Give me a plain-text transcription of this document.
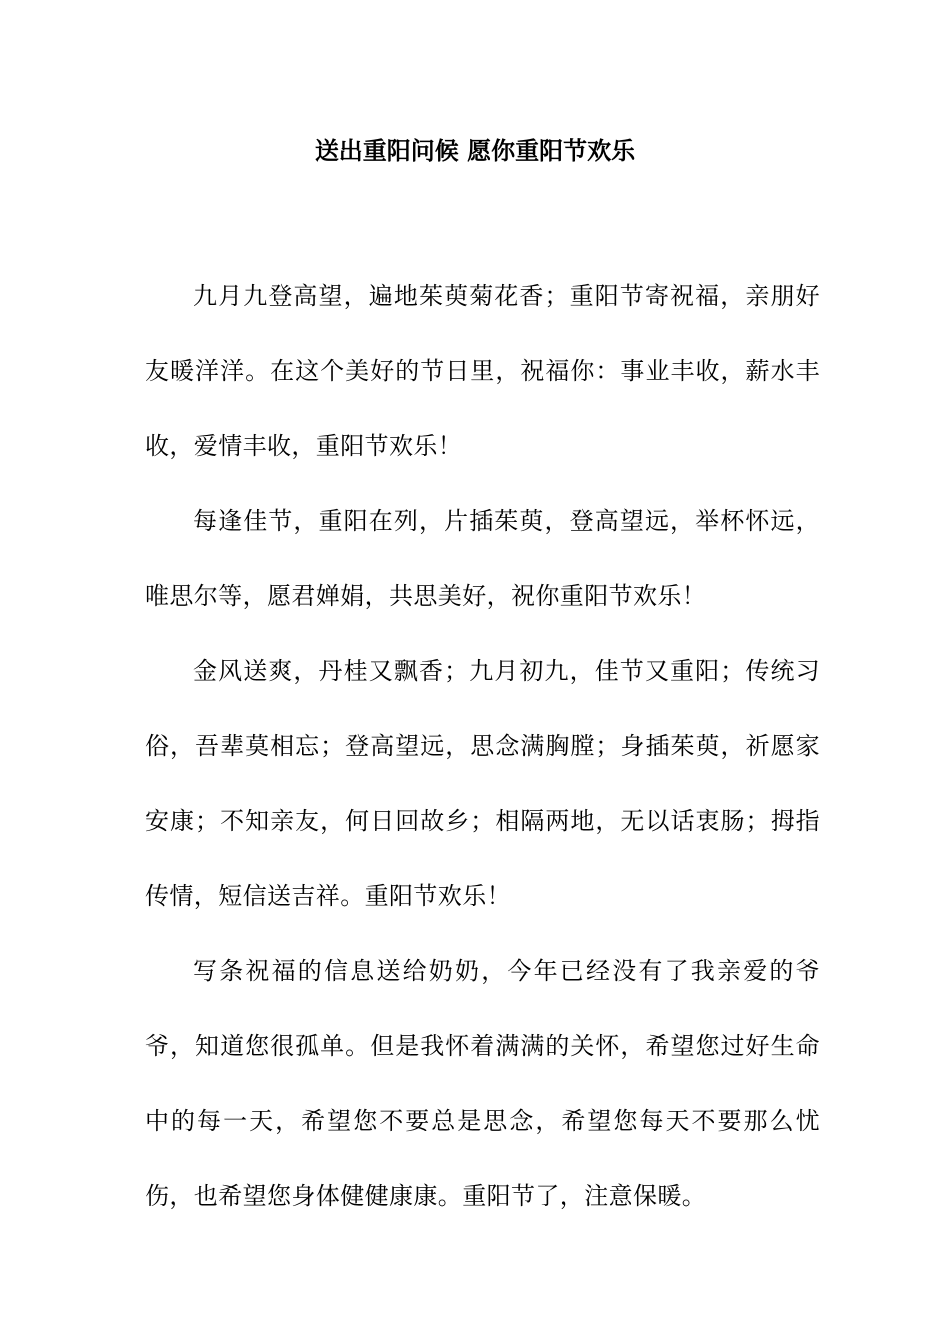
送出重阳问候 愿你重阳节欢乐

九月九登高望，遍地茱萸菊花香；重阳节寄祝福，亲朋好友暖洋洋。在这个美好的节日里，祝福你：事业丰收，薪水丰收，爱情丰收，重阳节欢乐！

每逢佳节，重阳在列，片插茱萸，登高望远，举杯怀远，唯思尔等，愿君婵娟，共思美好，祝你重阳节欢乐！

金风送爽，丹桂又飘香；九月初九，佳节又重阳；传统习俗，吾辈莫相忘；登高望远，思念满胸膛；身插茱萸，祈愿家安康；不知亲友，何日回故乡；相隔两地，无以话衷肠；拇指传情，短信送吉祥。重阳节欢乐！

写条祝福的信息送给奶奶，今年已经没有了我亲爱的爷爷，知道您很孤单。但是我怀着满满的关怀，希望您过好生命中的每一天，希望您不要总是思念，希望您每天不要那么忧伤，也希望您身体健健康康。重阳节了，注意保暖。
